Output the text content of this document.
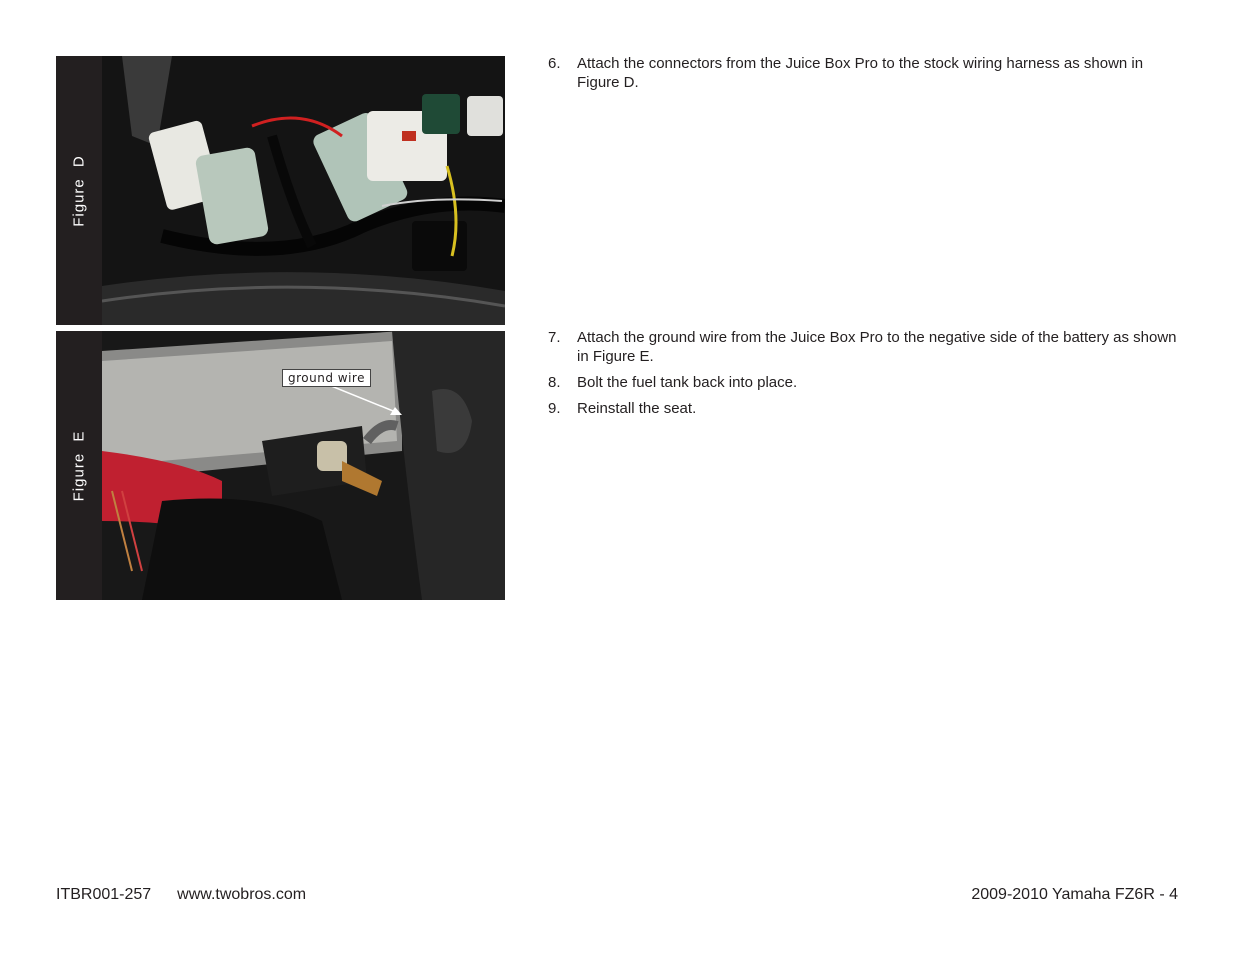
Figure D
Figure E
ground wire
6. Attach the connectors from the Juice Box Pro to the stock wiring harness as shown in Figure D.
7. Attach the ground wire from the Juice Box Pro to the negative side of the battery as shown in Figure E.
8. Bolt the fuel tank back into place.
9. Reinstall the seat.
ITBR001-257 www.twobros.com	2009-2010 Yamaha FZ6R - 4
